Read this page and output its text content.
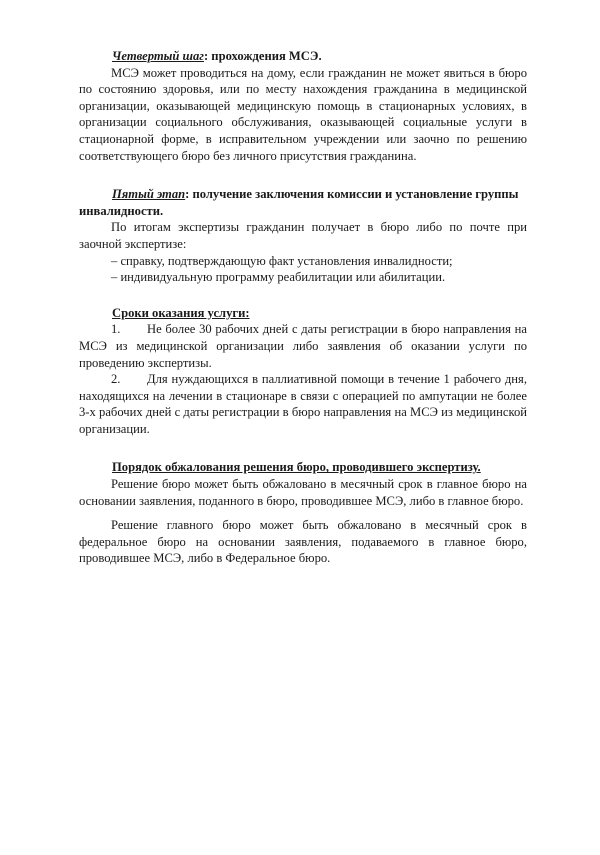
Четвертый шаг: прохождения МСЭ.

МСЭ может проводиться на дому, если гражданин не может явиться в бюро по состоянию здоровья, или по месту нахождения гражданина в медицинской организации, оказывающей медицинскую помощь в стационарных условиях, в организации социального обслуживания, оказывающей социальные услуги в стационарной форме, в исправительном учреждении или заочно по решению соответствующего бюро без личного присутствия гражданина.

Пятый этап: получение заключения комиссии и установление группы инвалидности.

По итогам экспертизы гражданин получает в бюро либо по почте при заочной экспертизе:

– справку, подтверждающую факт установления инвалидности;

– индивидуальную программу реабилитации или абилитации.

Сроки оказания услуги:

1. Не более 30 рабочих дней с даты регистрации в бюро направления на МСЭ из медицинской организации либо заявления об оказании услуги по проведению экспертизы.

2. Для нуждающихся в паллиативной помощи в течение 1 рабочего дня, находящихся на лечении в стационаре в связи с операцией по ампутации не более 3-х рабочих дней с даты регистрации в бюро направления на МСЭ из медицинской организации.

Порядок обжалования решения бюро, проводившего экспертизу.

Решение бюро может быть обжаловано в месячный срок в главное бюро на основании заявления, поданного в бюро, проводившее МСЭ, либо в главное бюро.

Решение главного бюро может быть обжаловано в месячный срок в федеральное бюро на основании заявления, подаваемого в главное бюро, проводившее МСЭ, либо в Федеральное бюро.
